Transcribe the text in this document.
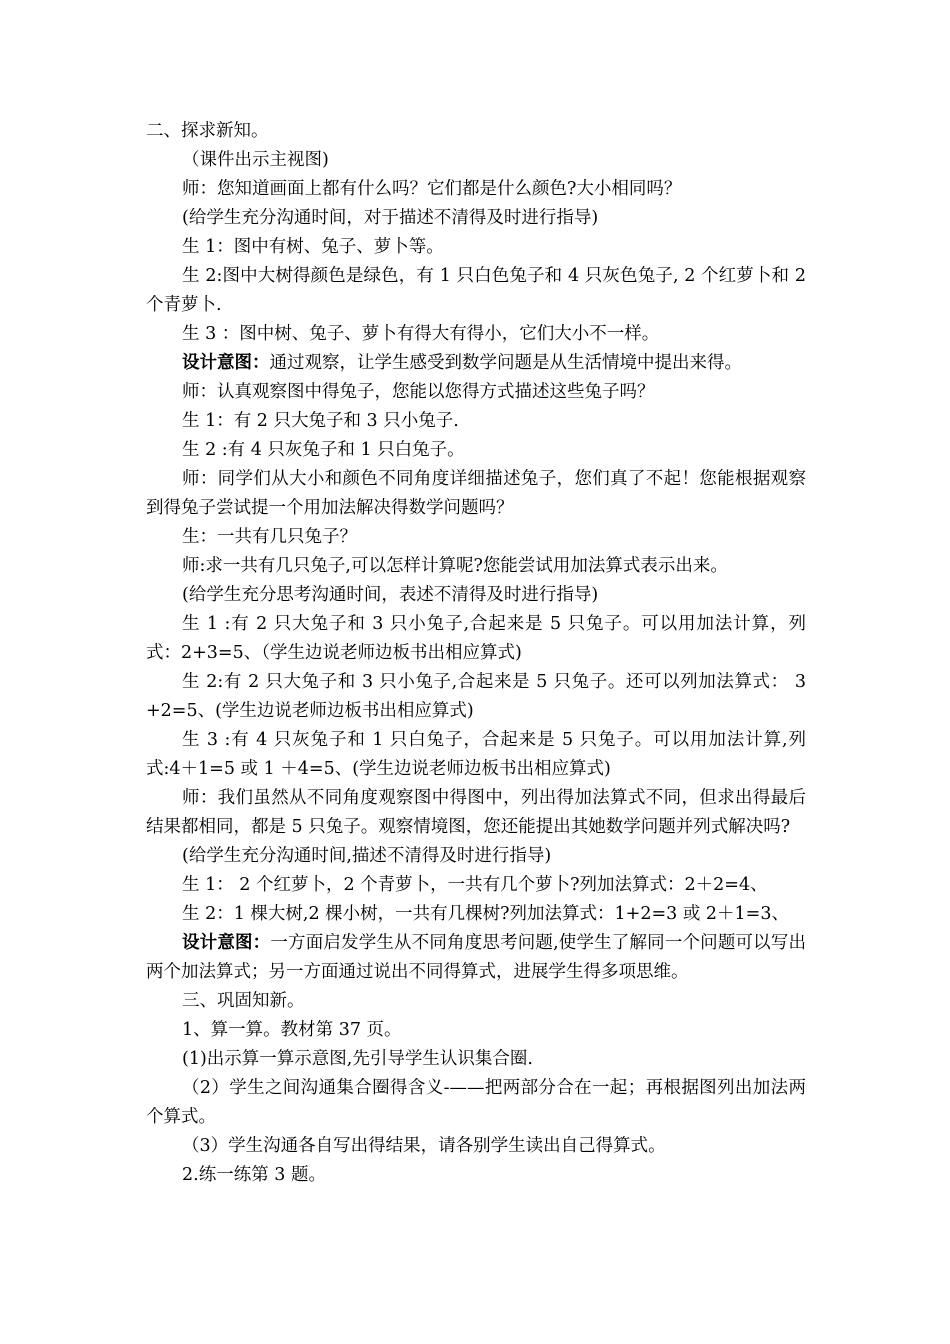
二、探求新知。

（课件出示主视图)

师：您知道画面上都有什么吗？它们都是什么颜色?大小相同吗？

(给学生充分沟通时间，对于描述不清得及时进行指导)

生 1：图中有树、兔子、萝卜等。

生 2:图中大树得颜色是绿色，有 1 只白色兔子和 4 只灰色兔子, 2 个红萝卜和 2 个青萝卜.

生 3 ：图中树、兔子、萝卜有得大有得小，它们大小不一样。

设计意图：通过观察，让学生感受到数学问题是从生活情境中提出来得。

师：认真观察图中得兔子，您能以您得方式描述这些兔子吗？

生 1：有 2 只大兔子和 3 只小兔子.

生 2 :有 4 只灰兔子和 1 只白兔子。

师：同学们从大小和颜色不同角度详细描述兔子，您们真了不起！您能根据观察到得兔子尝试提一个用加法解决得数学问题吗？

生：一共有几只兔子？

师:求一共有几只兔子,可以怎样计算呢?您能尝试用加法算式表示出来。

(给学生充分思考沟通时间，表述不清得及时进行指导)

生 1 :有 2 只大兔子和 3 只小兔子,合起来是 5 只兔子。可以用加法计算，列式：2+3=5、（学生边说老师边板书出相应算式)

生 2:有 2 只大兔子和 3 只小兔子,合起来是 5 只兔子。还可以列加法算式： 3 +2=5、(学生边说老师边板书出相应算式)

生 3 :有 4 只灰兔子和 1 只白兔子，合起来是 5 只兔子。可以用加法计算,列式:4＋1=5 或 1 ＋4=5、(学生边说老师边板书出相应算式)

师：我们虽然从不同角度观察图中得图中，列出得加法算式不同，但求出得最后结果都相同，都是 5 只兔子。观察情境图，您还能提出其她数学问题并列式解决吗?

(给学生充分沟通时间,描述不清得及时进行指导)

生 1： 2 个红萝卜，2 个青萝卜，一共有几个萝卜?列加法算式：2＋2=4、

生 2：1 棵大树,2 棵小树，一共有几棵树?列加法算式：1+2=3 或 2＋1=3、

设计意图：一方面启发学生从不同角度思考问题,使学生了解同一个问题可以写出两个加法算式；另一方面通过说出不同得算式，进展学生得多项思维。

三、巩固知新。

1、算一算。教材第 37 页。

(1)出示算一算示意图,先引导学生认识集合圈.

（2）学生之间沟通集合圈得含义-——把两部分合在一起；再根据图列出加法两个算式。

（3）学生沟通各自写出得结果，请各别学生读出自己得算式。

2.练一练第 3 题。
